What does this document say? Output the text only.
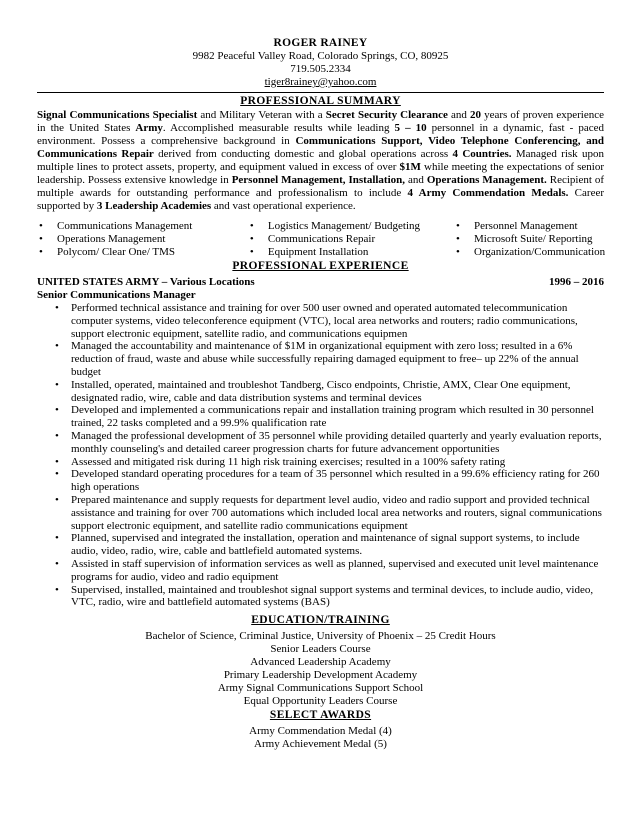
ROGER RAINEY
9982 Peaceful Valley Road, Colorado Springs, CO, 80925
719.505.2334
tiger8rainey@yahoo.com
PROFESSIONAL SUMMARY
Signal Communications Specialist and Military Veteran with a Secret Security Clearance and 20 years of proven experience in the United States Army. Accomplished measurable results while leading 5 – 10 personnel in a dynamic, fast - paced environment. Possess a comprehensive background in Communications Support, Video Telephone Conferencing, and Communications Repair derived from conducting domestic and global operations across 4 Countries. Managed risk upon multiple lines to protect assets, property, and equipment valued in excess of over $1M while meeting the expectations of senior leadership. Possess extensive knowledge in Personnel Management, Installation, and Operations Management. Recipient of multiple awards for outstanding performance and professionalism to include 4 Army Commendation Medals. Career supported by 3 Leadership Academies and vast operational experience.
• Communications Management
• Operations Management
• Polycom/ Clear One/ TMS
• Logistics Management/ Budgeting
• Communications Repair
• Equipment Installation
• Personnel Management
• Microsoft Suite/ Reporting
• Organization/Communication
PROFESSIONAL EXPERIENCE
UNITED STATES ARMY – Various Locations	1996 – 2016
Senior Communications Manager
• Performed technical assistance and training for over 500 user owned and operated automated telecommunication computer systems, video teleconference equipment (VTC), local area networks and routers; radio communications, support electronic equipment, satellite radio, and communications equipmen
• Managed the accountability and maintenance of $1M in organizational equipment with zero loss; resulted in a 6% reduction of fraud, waste and abuse while successfully repairing damaged equipment to free– up 22% of the annual budget
• Installed, operated, maintained and troubleshot Tandberg, Cisco endpoints, Christie, AMX, Clear One equipment, designated radio, wire, cable and data distribution systems and terminal devices
• Developed and implemented a communications repair and installation training program which resulted in 30 personnel trained, 22 tasks completed and a 99.9% qualification rate
• Managed the professional development of 35 personnel while providing detailed quarterly and yearly evaluation reports, monthly counseling's and detailed career progression charts for future advancement opportunities
• Assessed and mitigated risk during 11 high risk training exercises; resulted in a 100% safety rating
• Developed standard operating procedures for a team of 35 personnel which resulted in a 99.6% efficiency rating for 260 high operations
• Prepared maintenance and supply requests for department level audio, video and radio support and provided technical assistance and training for over 700 automations which included local area networks and routers, signal communications support electronic equipment, and satellite radio communications equipment
• Planned, supervised and integrated the installation, operation and maintenance of signal support systems, to include audio, video, radio, wire, cable and battlefield automated systems.
• Assisted in staff supervision of information services as well as planned, supervised and executed unit level maintenance programs for audio, video and radio equipment
• Supervised, installed, maintained and troubleshot signal support systems and terminal devices, to include audio, video, VTC, radio, wire and battlefield automated systems (BAS)
EDUCATION/TRAINING
Bachelor of Science, Criminal Justice, University of Phoenix – 25 Credit Hours
Senior Leaders Course
Advanced Leadership Academy
Primary Leadership Development Academy
Army Signal Communications Support School
Equal Opportunity Leaders Course
SELECT AWARDS
Army Commendation Medal (4)
Army Achievement Medal (5)
